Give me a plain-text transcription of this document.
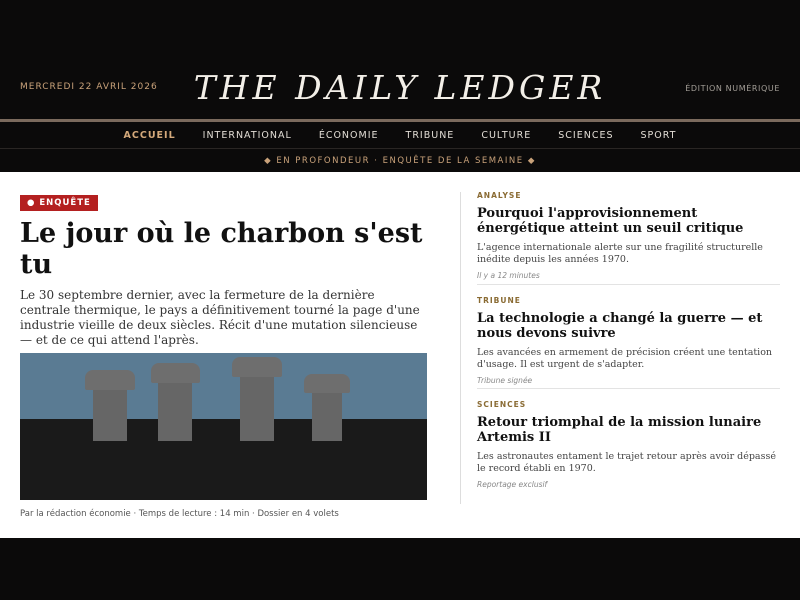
MERCREDI 22 AVRIL 2026	THE DAILY LEDGER	ÉDITION NUMÉRIQUE
ACCUEIL	INTERNATIONAL	ÉCONOMIE	TRIBUNE	CULTURE	SCIENCES	SPORT
◆ EN PROFONDEUR · ENQUÊTE DE LA SEMAINE ◆
● ENQUÊTE
Le jour où le charbon s'est tu

Le 30 septembre dernier, avec la fermeture de la dernière centrale thermique, le pays a définitivement tourné la page d'une industrie vieille de deux siècles. Récit d'une mutation silencieuse — et de ce qui attend l'après.

Par la rédaction économie · Temps de lecture : 14 min · Dossier en 4 volets
ANALYSE
Pourquoi l'approvisionnement énergétique atteint un seuil critique
L'agence internationale alerte sur une fragilité structurelle inédite depuis les années 1970.
Il y a 12 minutes
TRIBUNE
La technologie a changé la guerre — et nous devons suivre
Les avancées en armement de précision créent une tentation d'usage. Il est urgent de s'adapter.
Tribune signée
SCIENCES
Retour triomphal de la mission lunaire Artemis II
Les astronautes entament le trajet retour après avoir dépassé le record établi en 1970.
Reportage exclusif
